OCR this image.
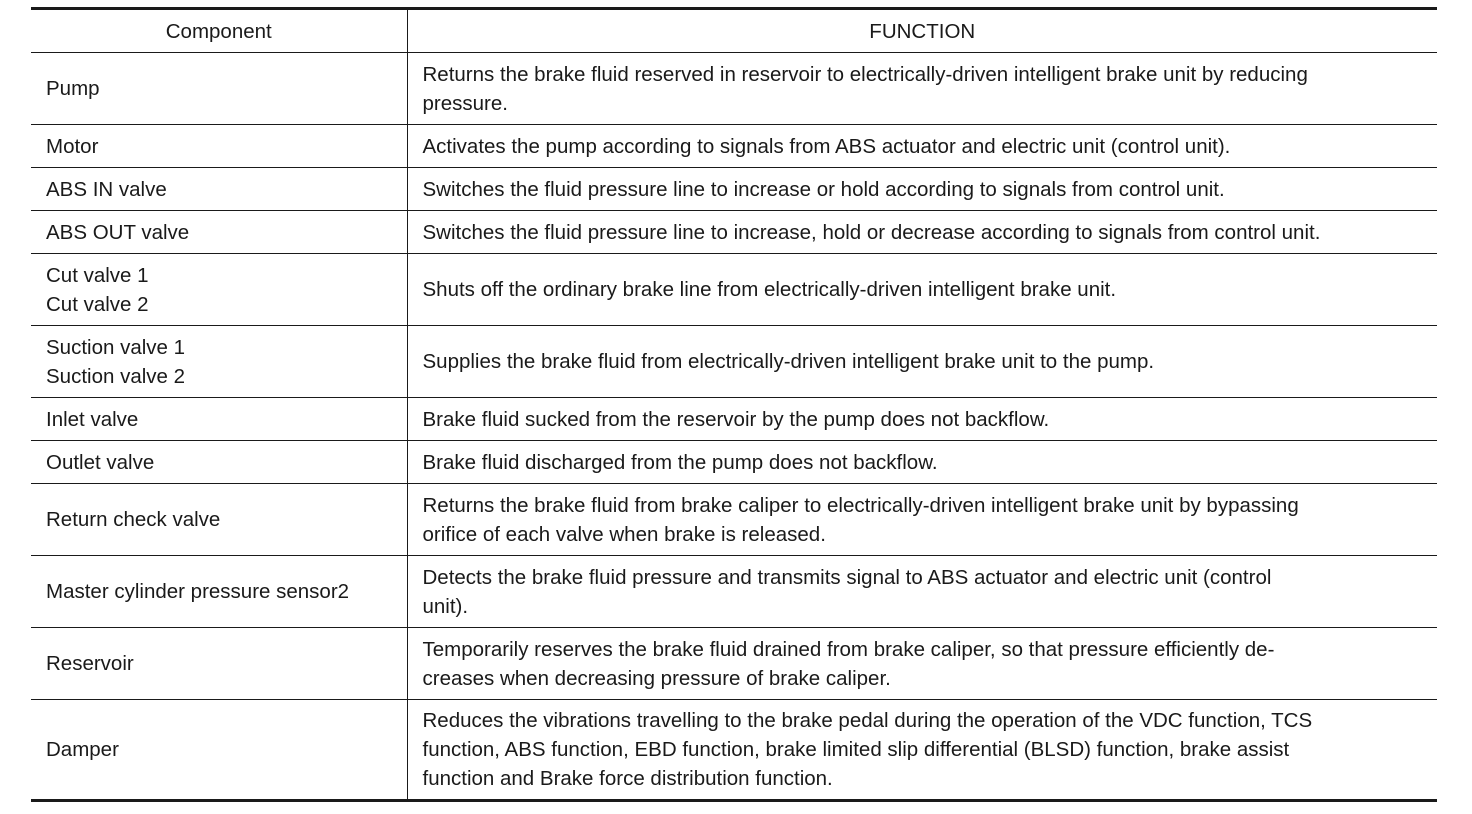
Component	FUNCTION

Pump	Returns the brake fluid reserved in reservoir to electrically-driven intelligent brake unit by reducing
pressure.

Motor	Activates the pump according to signals from ABS actuator and electric unit (control unit).

ABS IN valve	Switches the fluid pressure line to increase or hold according to signals from control unit.

ABS OUT valve	Switches the fluid pressure line to increase, hold or decrease according to signals from control unit.

Cut valve 1
Cut valve 2	Shuts off the ordinary brake line from electrically-driven intelligent brake unit.

Suction valve 1
Suction valve 2	Supplies the brake fluid from electrically-driven intelligent brake unit to the pump.

Inlet valve	Brake fluid sucked from the reservoir by the pump does not backflow.

Outlet valve	Brake fluid discharged from the pump does not backflow.

Return check valve	Returns the brake fluid from brake caliper to electrically-driven intelligent brake unit by bypassing
orifice of each valve when brake is released.

Master cylinder pressure sensor2	Detects the brake fluid pressure and transmits signal to ABS actuator and electric unit (control
unit).

Reservoir	Temporarily reserves the brake fluid drained from brake caliper, so that pressure efficiently de-
creases when decreasing pressure of brake caliper.

Damper	Reduces the vibrations travelling to the brake pedal during the operation of the VDC function, TCS
function, ABS function, EBD function, brake limited slip differential (BLSD) function, brake assist
function and Brake force distribution function.
